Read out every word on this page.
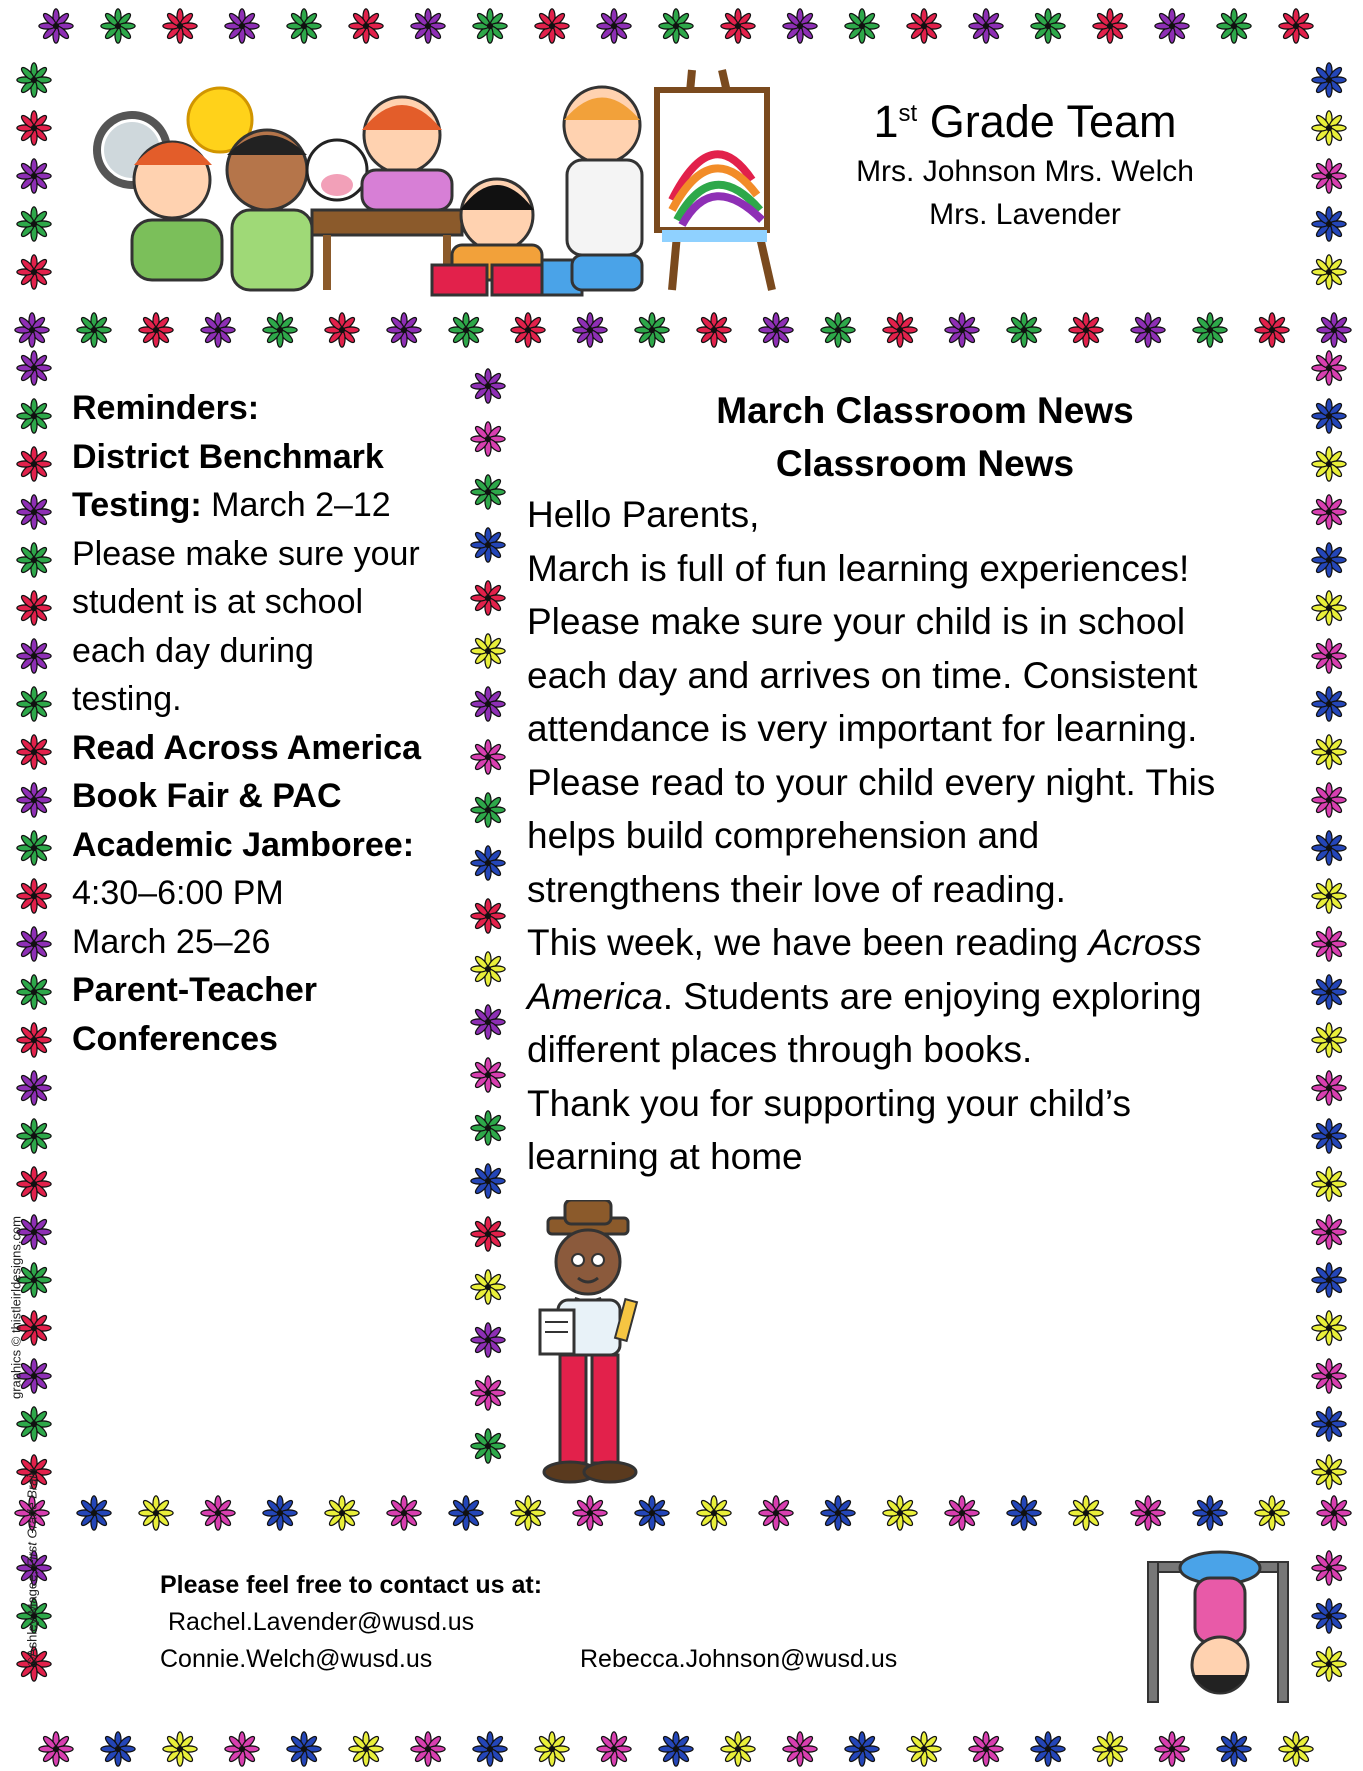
1st Grade Team
Mrs. Johnson Mrs. Welch
Mrs. Lavender
Reminders:
District Benchmark
Testing: March 2–12
Please make sure your
student is at school
each day during
testing.
Read Across America
Book Fair & PAC
Academic Jamboree:
4:30–6:00 PM
March 25–26
Parent-Teacher
Conferences
March Classroom News
Classroom News

Hello Parents,

March is full of fun learning experiences!

Please make sure your child is in school

each day and arrives on time. Consistent

attendance is very important for learning.

Please read to your child every night. This

helps build comprehension and

strengthens their love of reading.

This week, we have been reading Across

America. Students are enjoying exploring

different places through books.

Thank you for supporting your child’s

learning at home

Please feel free to contact us at:
Rachel.Lavender@wusd.us
Connie.Welch@wusd.us	Rebecca.Johnson@wusd.us
graphics © thistleirldesigns.com
©Ashley Magee, First Grade Brain
